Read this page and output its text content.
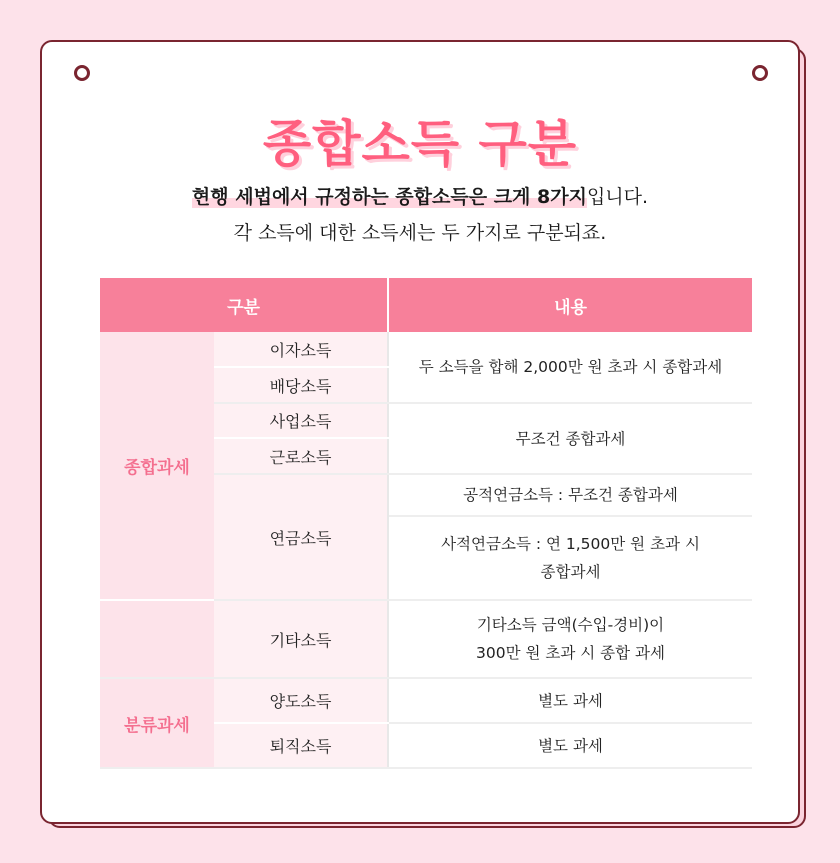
종합소득 구분
현행 세법에서 규정하는 종합소득은 크게 8가지입니다.
각 소득에 대한 소득세는 두 가지로 구분되죠.
구분		내용
종합과세	이자소득	두 소득을 합해 2,000만 원 초과 시 종합과세
	배당소득	
	사업소득	무조건 종합과세
	근로소득	
	연금소득	공적연금소득 : 무조건 종합과세

		사적연금소득 : 연 1,500만 원 초과 시
종합과세

	기타소득	기타소득 금액(수입-경비)이
300만 원 초과 시 종합 과세

분류과세	양도소득	별도 과세
	퇴직소득	별도 과세
